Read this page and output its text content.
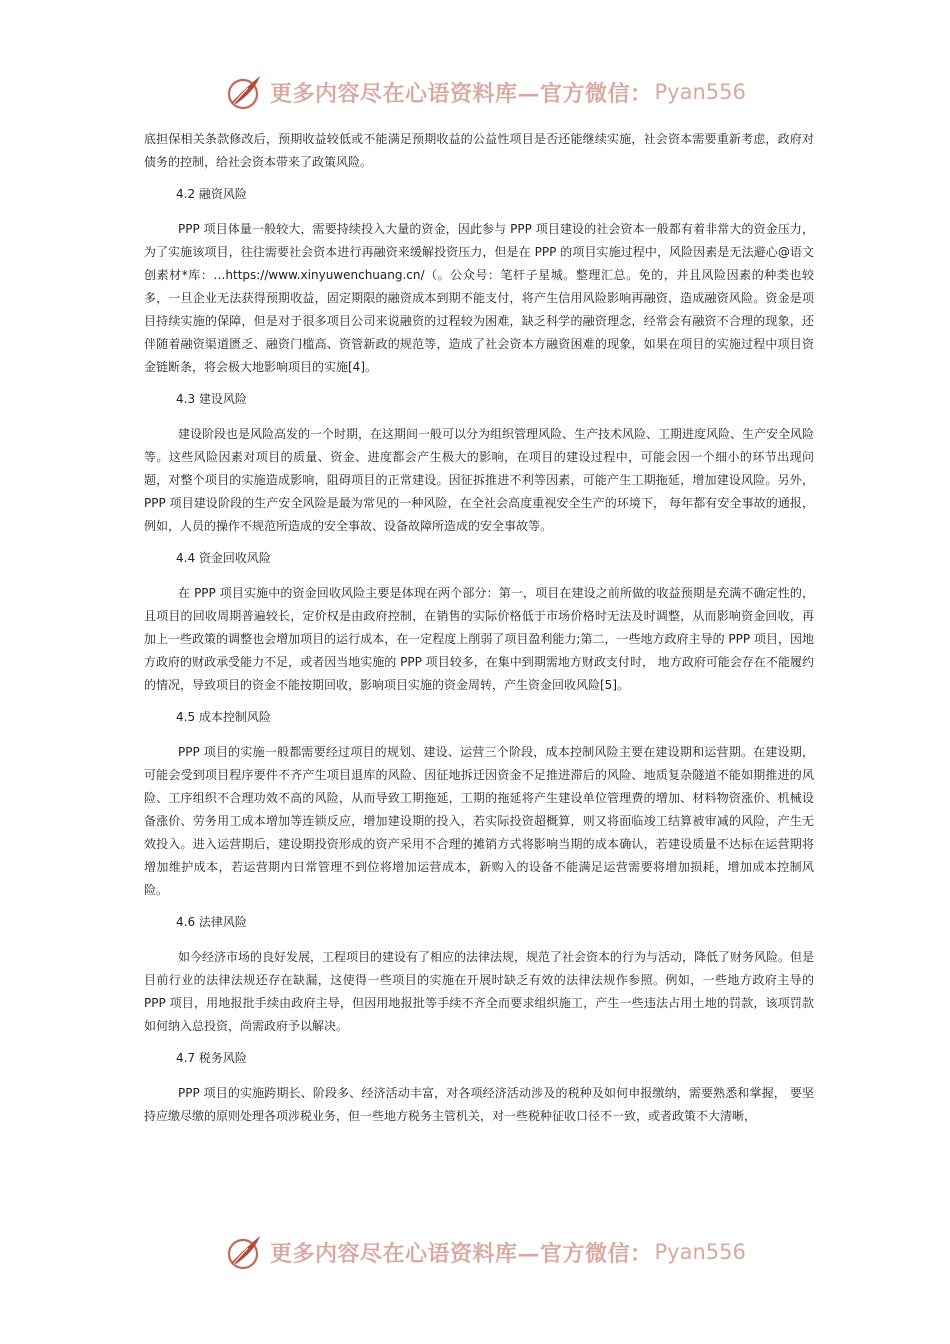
更多内容尽在心语资料库—官方微信： Pyan556

底担保相关条款修改后，预期收益较低或不能满足预期收益的公益性项目是否还能继续实施，社会资本需要重新考虑，政府对债务的控制，给社会资本带来了政策风险。

4.2 融资风险

PPP 项目体量一般较大，需要持续投入大量的资金，因此参与 PPP 项目建设的社会资本一般都有着非常大的资金压力，为了实施该项目，往往需要社会资本进行再融资来缓解投资压力，但是在 PPP 的项目实施过程中，风险因素是无法避心@语文创素材*库：…https://www.xinyuwenchuang.cn/（。公众号：笔杆子星城。整理汇总。免的，并且风险因素的种类也较多，一旦企业无法获得预期收益，固定期限的融资成本到期不能支付，将产生信用风险影响再融资，造成融资风险。资金是项目持续实施的保障，但是对于很多项目公司来说融资的过程较为困难，缺乏科学的融资理念，经常会有融资不合理的现象，还伴随着融资渠道匮乏、融资门槛高、资管新政的规范等，造成了社会资本方融资困难的现象，如果在项目的实施过程中项目资金链断条，将会极大地影响项目的实施[4]。

4.3 建设风险

建设阶段也是风险高发的一个时期，在这期间一般可以分为组织管理风险、生产技术风险、工期进度风险、生产安全风险等。这些风险因素对项目的质量、资金、进度都会产生极大的影响，在项目的建设过程中，可能会因一个细小的环节出现问题，对整个项目的实施造成影响，阻碍项目的正常建设。因征拆推进不利等因素，可能产生工期拖延，增加建设风险。另外，PPP 项目建设阶段的生产安全风险是最为常见的一种风险，在全社会高度重视安全生产的环境下， 每年都有安全事故的通报，例如，人员的操作不规范所造成的安全事故、设备故障所造成的安全事故等。

4.4 资金回收风险

在 PPP 项目实施中的资金回收风险主要是体现在两个部分：第一，项目在建设之前所做的收益预期是充满不确定性的，且项目的回收周期普遍较长，定价权是由政府控制，在销售的实际价格低于市场价格时无法及时调整，从而影响资金回收，再加上一些政策的调整也会增加项目的运行成本，在一定程度上削弱了项目盈利能力;第二，一些地方政府主导的 PPP 项目，因地方政府的财政承受能力不足，或者因当地实施的 PPP 项目较多，在集中到期需地方财政支付时， 地方政府可能会存在不能履约的情况，导致项目的资金不能按期回收，影响项目实施的资金周转，产生资金回收风险[5]。

4.5 成本控制风险

PPP 项目的实施一般都需要经过项目的规划、建设、运营三个阶段，成本控制风险主要在建设期和运营期。在建设期，可能会受到项目程序要件不齐产生项目退库的风险、因征地拆迁因资金不足推进滞后的风险、地质复杂隧道不能如期推进的风险、工序组织不合理功效不高的风险，从而导致工期拖延，工期的拖延将产生建设单位管理费的增加、材料物资涨价、机械设备涨价、劳务用工成本增加等连锁反应，增加建设期的投入，若实际投资超概算，则又将面临竣工结算被审减的风险，产生无效投入。进入运营期后，建设期投资形成的资产采用不合理的摊销方式将影响当期的成本确认，若建设质量不达标在运营期将增加维护成本，若运营期内日常管理不到位将增加运营成本，新购入的设备不能满足运营需要将增加损耗，增加成本控制风险。

4.6 法律风险

如今经济市场的良好发展，工程项目的建设有了相应的法律法规，规范了社会资本的行为与活动，降低了财务风险。但是目前行业的法律法规还存在缺漏，这使得一些项目的实施在开展时缺乏有效的法律法规作参照。例如，一些地方政府主导的 PPP 项目，用地报批手续由政府主导，但因用地报批等手续不齐全而要求组织施工，产生一些违法占用土地的罚款，该项罚款如何纳入总投资，尚需政府予以解决。

4.7 税务风险

PPP 项目的实施跨期长、阶段多、经济活动丰富，对各项经济活动涉及的税种及如何申报缴纳，需要熟悉和掌握， 要坚持应缴尽缴的原则处理各项涉税业务，但一些地方税务主管机关，对一些税种征收口径不一致，或者政策不大清晰，

更多内容尽在心语资料库—官方微信： Pyan556
